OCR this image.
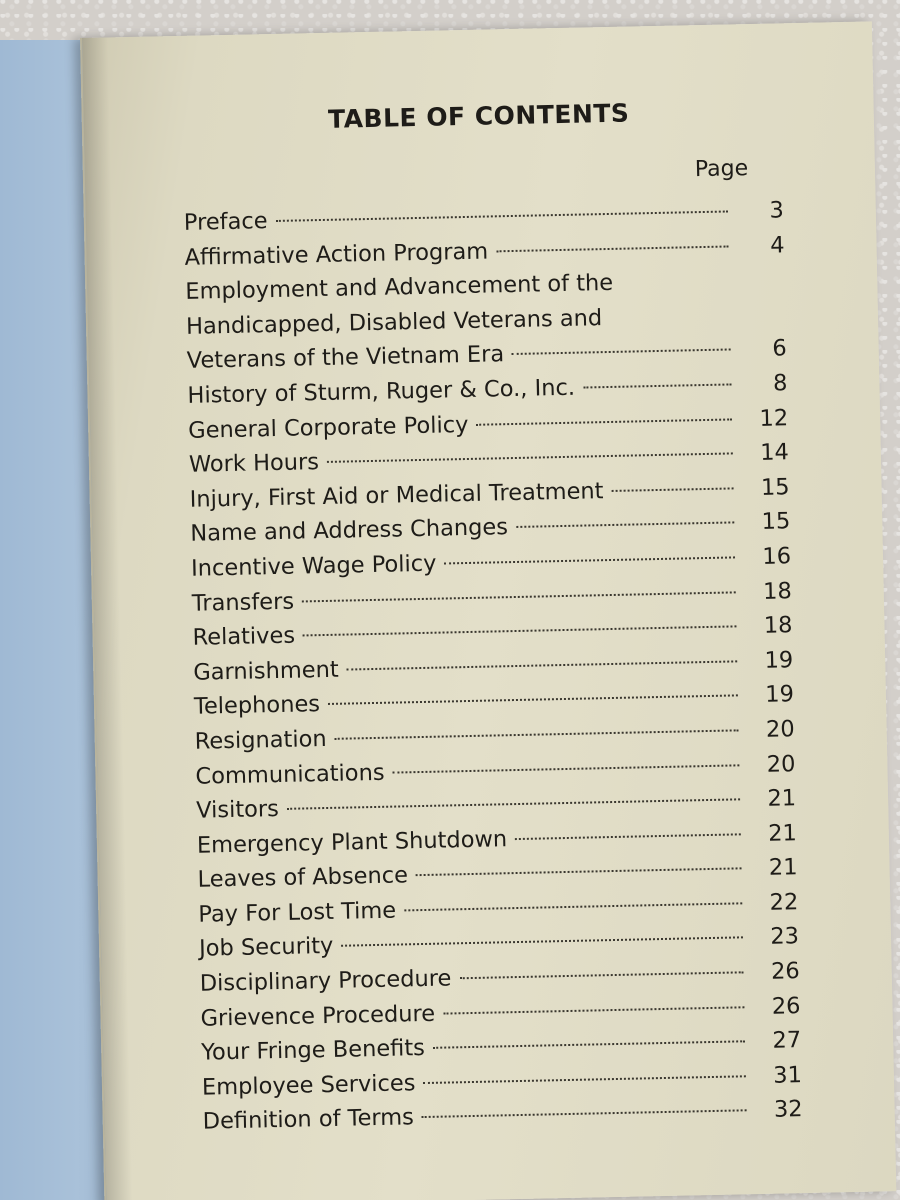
TABLE OF CONTENTS
Page
Preface	3
Affirmative Action Program	4
Employment and Advancement of the
Handicapped, Disabled Veterans and
Veterans of the Vietnam Era	6
History of Sturm, Ruger & Co., Inc.	8
General Corporate Policy	12
Work Hours	14
Injury, First Aid or Medical Treatment	15
Name and Address Changes	15
Incentive Wage Policy	16
Transfers	18
Relatives	18
Garnishment	19
Telephones	19
Resignation	20
Communications	20
Visitors	21
Emergency Plant Shutdown	21
Leaves of Absence	21
Pay For Lost Time	22
Job Security	23
Disciplinary Procedure	26
Grievence Procedure	26
Your Fringe Benefits	27
Employee Services	31
Definition of Terms	32
